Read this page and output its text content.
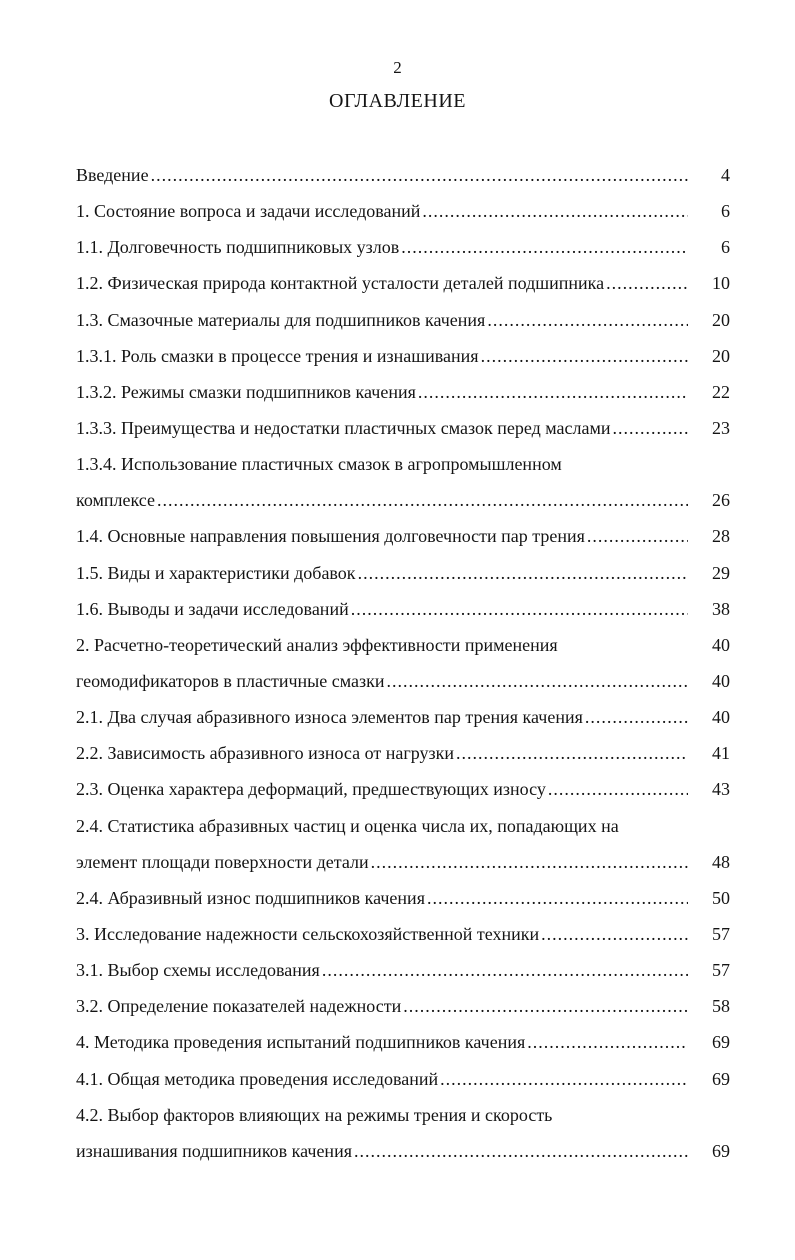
2
ОГЛАВЛЕНИЕ
Введение .....	4
1. Состояние вопроса и задачи исследований .....	6
1.1. Долговечность подшипниковых узлов .....	6
1.2. Физическая природа контактной усталости деталей подшипника .....	10
1.3. Смазочные материалы для подшипников качения .....	20
1.3.1. Роль смазки в процессе трения и изнашивания .....	20
1.3.2. Режимы смазки подшипников качения .....	22
1.3.3. Преимущества и недостатки пластичных смазок перед маслами .....	23
1.3.4. Использование пластичных смазок в агропромышленном
комплексе .....	26
1.4. Основные направления повышения долговечности пар трения .....	28
1.5. Виды и характеристики добавок .....	29
1.6. Выводы и задачи исследований .....	38
2. Расчетно-теоретический анализ эффективности применения	40
геомодификаторов в пластичные смазки .....	40
2.1. Два случая абразивного износа элементов пар трения качения .....	40
2.2. Зависимость абразивного износа от нагрузки .....	41
2.3. Оценка характера деформаций, предшествующих износу .....	43
2.4. Статистика абразивных частиц и оценка числа их, попадающих на
элемент площади поверхности детали .....	48
2.4. Абразивный износ подшипников качения .....	50
3. Исследование надежности сельскохозяйственной техники .....	57
3.1. Выбор схемы исследования .....	57
3.2. Определение показателей надежности .....	58
4. Методика проведения испытаний подшипников качения .....	69
4.1. Общая методика проведения исследований .....	69
4.2. Выбор факторов влияющих на режимы трения и скорость
изнашивания подшипников качения .....	69
